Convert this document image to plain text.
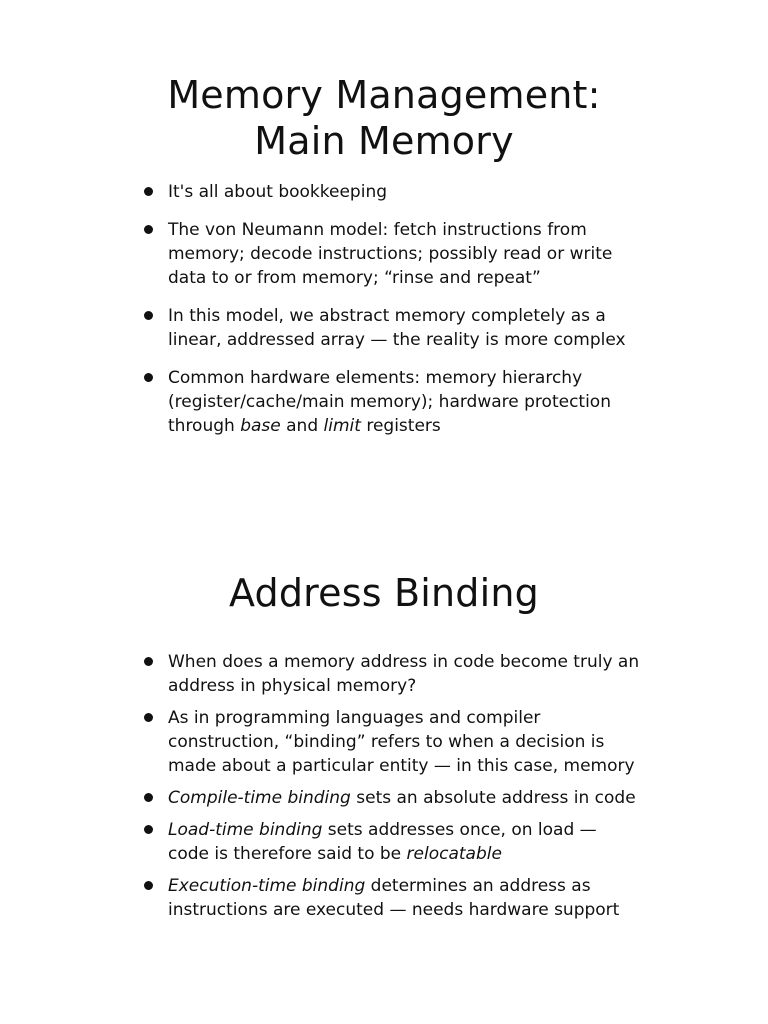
Memory Management:
Main Memory
It's all about bookkeeping
The von Neumann model: fetch instructions from memory; decode instructions; possibly read or write data to or from memory; “rinse and repeat”
In this model, we abstract memory completely as a linear, addressed array — the reality is more complex
Common hardware elements: memory hierarchy (register/cache/main memory); hardware protection through base and limit registers
Address Binding
When does a memory address in code become truly an address in physical memory?
As in programming languages and compiler construction, “binding” refers to when a decision is made about a particular entity — in this case, memory
Compile-time binding sets an absolute address in code
Load-time binding sets addresses once, on load — code is therefore said to be relocatable
Execution-time binding determines an address as instructions are executed — needs hardware support
